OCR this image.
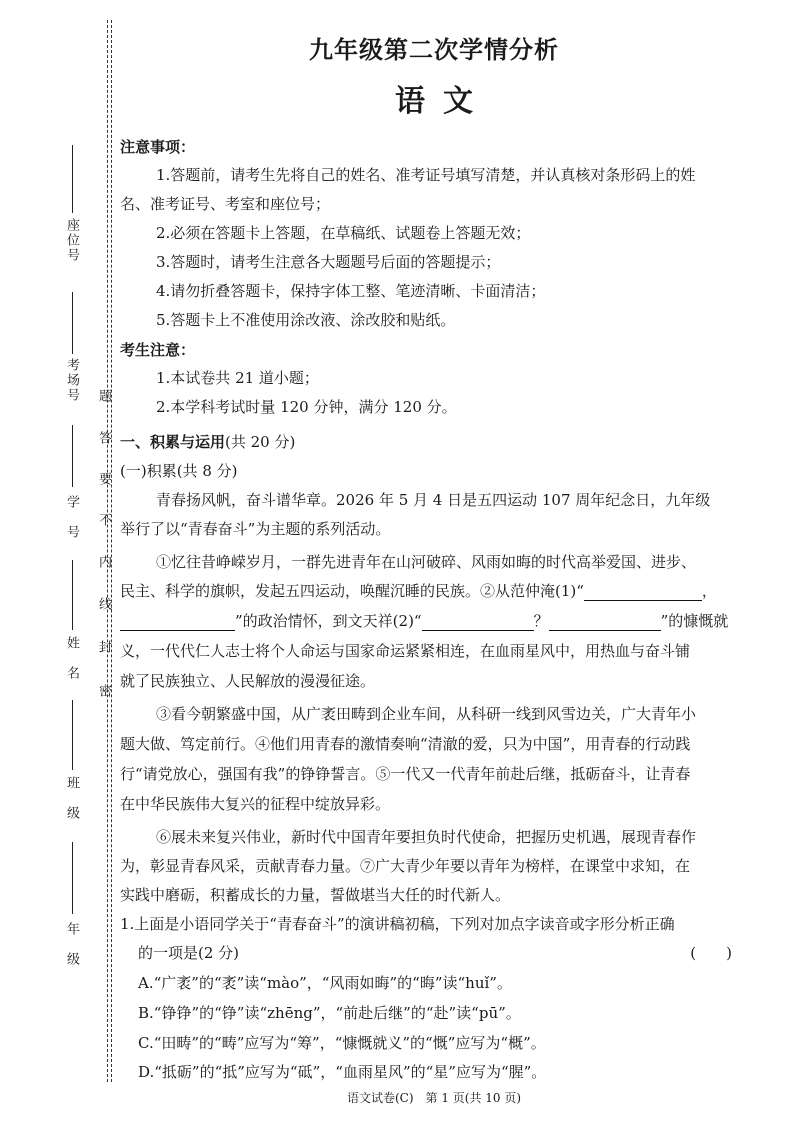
座位号
考场号
学　号
姓　名
班　级
年　级
密
封
线
内
不
要
答
题
九年级第二次学情分析
语文
注意事项：
1.答题前，请考生先将自己的姓名、准考证号填写清楚，并认真核对条形码上的姓
名、准考证号、考室和座位号；
2.必须在答题卡上答题，在草稿纸、试题卷上答题无效；
3.答题时，请考生注意各大题题号后面的答题提示；
4.请勿折叠答题卡，保持字体工整、笔迹清晰、卡面清洁；
5.答题卡上不准使用涂改液、涂改胶和贴纸。
考生注意：
1.本试卷共 21 道小题；
2.本学科考试时量 120 分钟，满分 120 分。
一、积累与运用(共 20 分)
(一)积累(共 8 分)
青春扬风帆，奋斗谱华章。2026 年 5 月 4 日是五四运动 107 周年纪念日，九年级
举行了以“青春奋斗”为主题的系列活动。
①忆往昔峥嵘岁月，一群先进青年在山河破碎、风雨如晦的时代高举爱国、进步、
民主、科学的旗帜，发起五四运动，唤醒沉睡的民族。②从范仲淹(1)“	，
”的政治情怀，到文天祥(2)“	？	”的慷慨就
义，一代代仁人志士将个人命运与国家命运紧紧相连，在血雨星风中，用热血与奋斗铺
就了民族独立、人民解放的漫漫征途。
③看今朝繁盛中国，从广袤田畴到企业车间，从科研一线到风雪边关，广大青年小
题大做、笃定前行。④他们用青春的激情奏响“清澈的爱，只为中国”，用青春的行动践
行“请党放心，强国有我”的铮铮誓言。⑤一代又一代青年前赴后继，抵砺奋斗，让青春
在中华民族伟大复兴的征程中绽放异彩。
⑥展未来复兴伟业，新时代中国青年要担负时代使命，把握历史机遇，展现青春作
为，彰显青春风采，贡献青春力量。⑦广大青少年要以青年为榜样，在课堂中求知，在
实践中磨砺，积蓄成长的力量，誓做堪当大任的时代新人。
1.上面是小语同学关于“青春奋斗”的演讲稿初稿，下列对加点字读音或字形分析正确
的一项是(2 分)	(　　)
A.“广袤”的“袤”读“mào”，“风雨如晦”的“晦”读“huǐ”。
B.“铮铮”的“铮”读“zhēng”，“前赴后继”的“赴”读“pū”。
C.“田畴”的“畴”应写为“筹”，“慷慨就义”的“慨”应写为“概”。
D.“抵砺”的“抵”应写为“砥”，“血雨星风”的“星”应写为“腥”。
语文试卷(C)　第 1 页(共 10 页)
